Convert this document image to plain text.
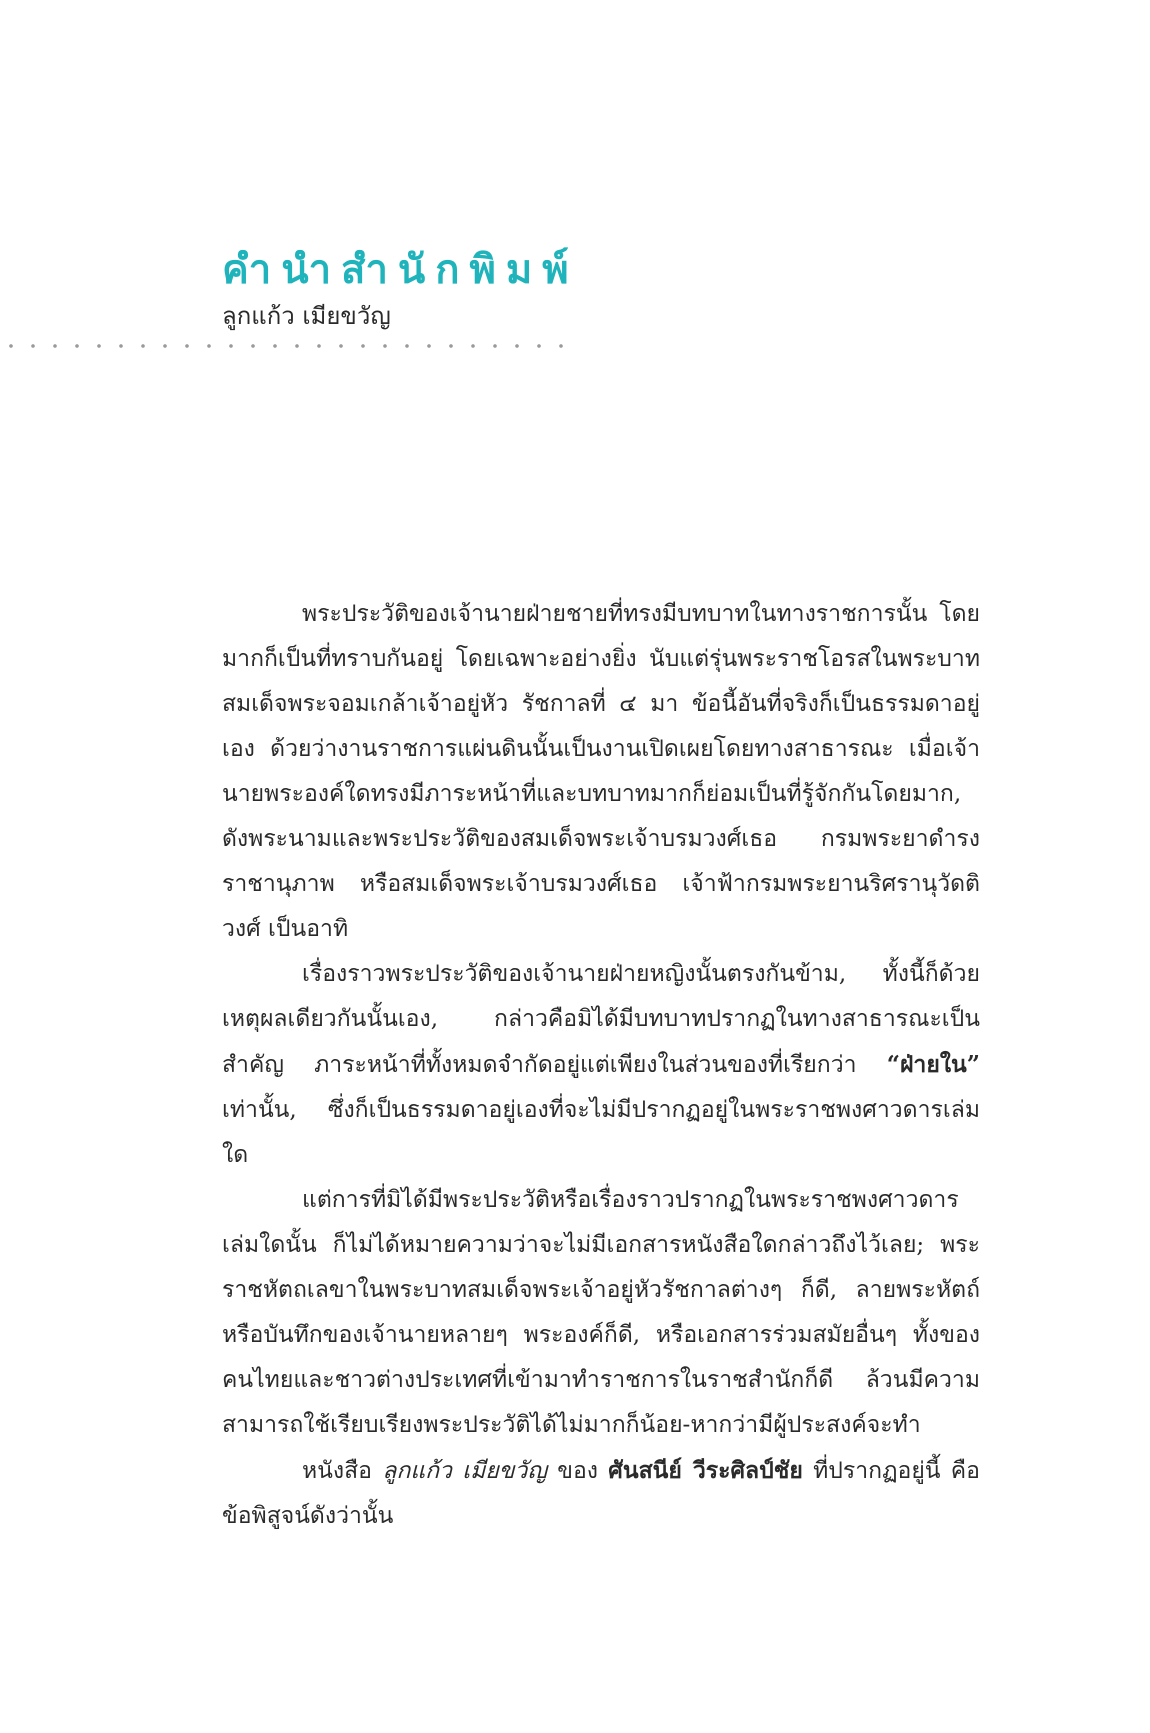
คำนำสำนักพิมพ์
ลูกแก้ว เมียขวัญ

พระประวัติของเจ้านายฝ่ายชายที่ทรงมีบทบาทในทางราชการนั้น โดยมากก็เป็นที่ทราบกันอยู่ โดยเฉพาะอย่างยิ่ง นับแต่รุ่นพระราชโอรสในพระบาทสมเด็จพระจอมเกล้าเจ้าอยู่หัว รัชกาลที่ ๔ มา ข้อนี้อันที่จริงก็เป็นธรรมดาอยู่เอง ด้วยว่างานราชการแผ่นดินนั้นเป็นงานเปิดเผยโดยทางสาธารณะ เมื่อเจ้านายพระองค์ใดทรงมีภาระหน้าที่และบทบาทมากก็ย่อมเป็นที่รู้จักกันโดยมาก, ดังพระนามและพระประวัติของสมเด็จพระเจ้าบรมวงศ์เธอ กรมพระยาดำรงราชานุภาพ หรือสมเด็จพระเจ้าบรมวงศ์เธอ เจ้าฟ้ากรมพระยานริศรานุวัดติวงศ์ เป็นอาทิ

เรื่องราวพระประวัติของเจ้านายฝ่ายหญิงนั้นตรงกันข้าม, ทั้งนี้ก็ด้วยเหตุผลเดียวกันนั้นเอง, กล่าวคือมิได้มีบทบาทปรากฏในทางสาธารณะเป็นสำคัญ ภาระหน้าที่ทั้งหมดจำกัดอยู่แต่เพียงในส่วนของที่เรียกว่า “ฝ่ายใน” เท่านั้น, ซึ่งก็เป็นธรรมดาอยู่เองที่จะไม่มีปรากฏอยู่ในพระราชพงศาวดารเล่มใด

แต่การที่มิได้มีพระประวัติหรือเรื่องราวปรากฏในพระราชพงศาวดารเล่มใดนั้น ก็ไม่ได้หมายความว่าจะไม่มีเอกสารหนังสือใดกล่าวถึงไว้เลย; พระราชหัตถเลขาในพระบาทสมเด็จพระเจ้าอยู่หัวรัชกาลต่างๆ ก็ดี, ลายพระหัตถ์หรือบันทึกของเจ้านายหลายๆ พระองค์ก็ดี, หรือเอกสารร่วมสมัยอื่นๆ ทั้งของคนไทยและชาวต่างประเทศที่เข้ามาทำราชการในราชสำนักก็ดี ล้วนมีความสามารถใช้เรียบเรียงพระประวัติได้ไม่มากก็น้อย-หากว่ามีผู้ประสงค์จะทำ

หนังสือ ลูกแก้ว เมียขวัญ ของ ศันสนีย์ วีระศิลป์ชัย ที่ปรากฏอยู่นี้ คือข้อพิสูจน์ดังว่านั้น
